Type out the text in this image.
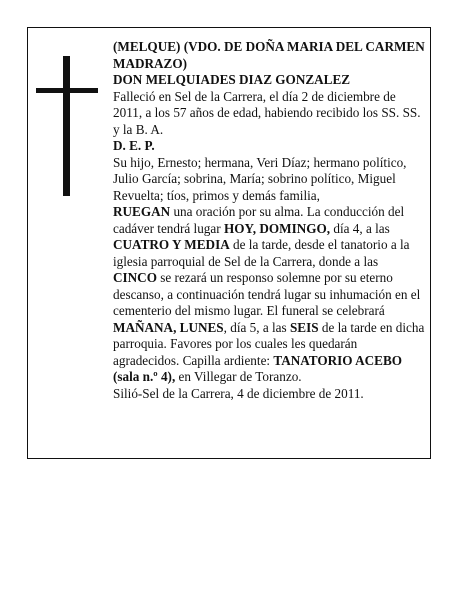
(MELQUE) (VDO. DE DOÑA MARIA DEL CARMEN MADRAZO)

DON MELQUIADES DIAZ GONZALEZ

Falleció en Sel de la Carrera, el día 2 de diciembre de 2011, a los 57 años de edad, habiendo recibido los SS. SS. y la B. A.

D. E. P.

Su hijo, Ernesto; hermana, Veri Díaz; hermano político, Julio García; sobrina, María; sobrino político, Miguel Revuelta; tíos, primos y demás familia,

RUEGAN una oración por su alma. La conducción del cadáver tendrá lugar HOY, DOMINGO, día 4, a las CUATRO Y MEDIA de la tarde, desde el tanatorio a la iglesia parroquial de Sel de la Carrera, donde a las CINCO se rezará un responso solemne por su eterno descanso, a continuación tendrá lugar su inhumación en el cementerio del mismo lugar. El funeral se celebrará MAÑANA, LUNES, día 5, a las SEIS de la tarde en dicha parroquia. Favores por los cuales les quedarán agradecidos. Capilla ardiente: TANATORIO ACEBO (sala n.º 4), en Villegar de Toranzo.

Silió-Sel de la Carrera, 4 de diciembre de 2011.
